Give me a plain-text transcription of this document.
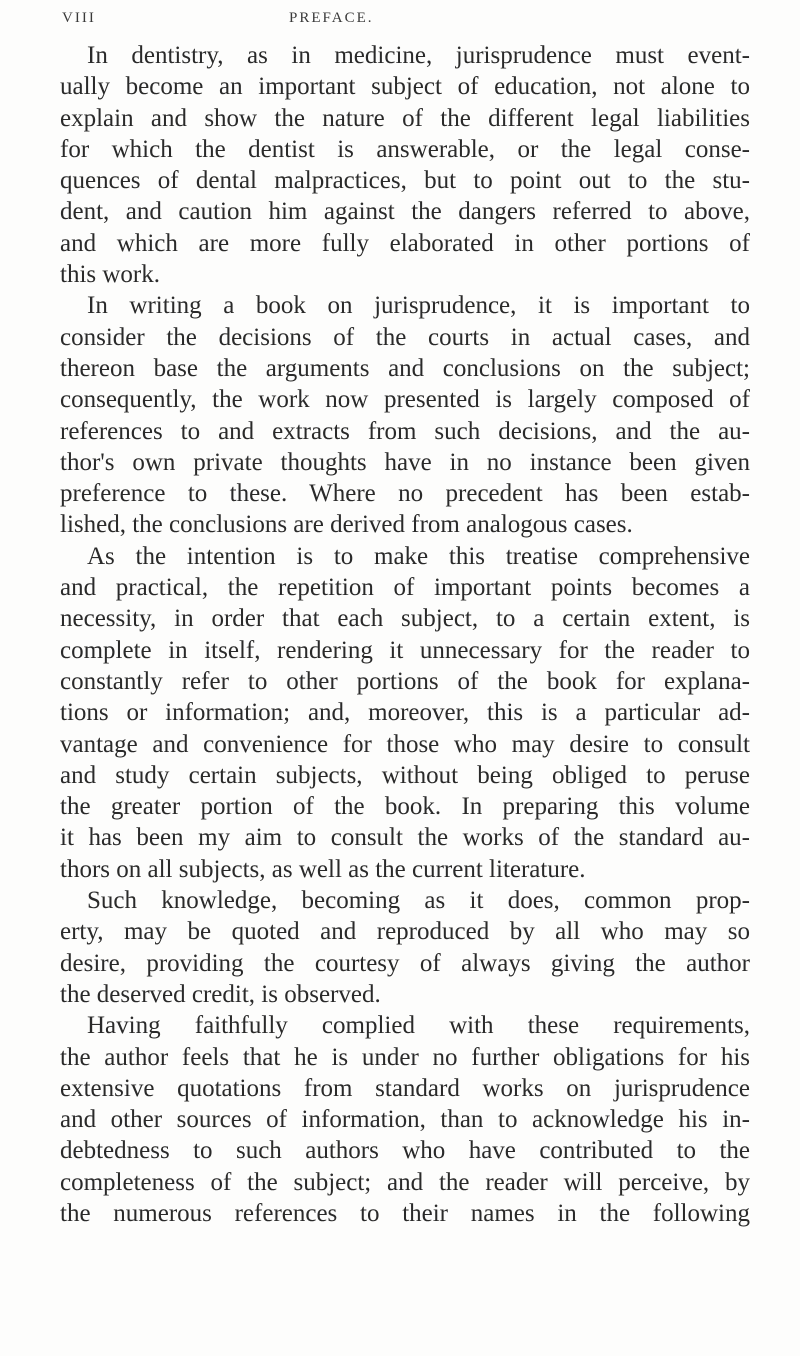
VIII	PREFACE.
In dentistry, as in medicine, jurisprudence must event-
ually become an important subject of education, not alone to
explain and show the nature of the different legal liabilities
for which the dentist is answerable, or the legal conse-
quences of dental malpractices, but to point out to the stu-
dent, and caution him against the dangers referred to above,
and which are more fully elaborated in other portions of
this work.
In writing a book on jurisprudence, it is important to
consider the decisions of the courts in actual cases, and
thereon base the arguments and conclusions on the subject;
consequently, the work now presented is largely composed of
references to and extracts from such decisions, and the au-
thor's own private thoughts have in no instance been given
preference to these. Where no precedent has been estab-
lished, the conclusions are derived from analogous cases.
As the intention is to make this treatise comprehensive
and practical, the repetition of important points becomes a
necessity, in order that each subject, to a certain extent, is
complete in itself, rendering it unnecessary for the reader to
constantly refer to other portions of the book for explana-
tions or information; and, moreover, this is a particular ad-
vantage and convenience for those who may desire to consult
and study certain subjects, without being obliged to peruse
the greater portion of the book. In preparing this volume
it has been my aim to consult the works of the standard au-
thors on all subjects, as well as the current literature.
Such knowledge, becoming as it does, common prop-
erty, may be quoted and reproduced by all who may so
desire, providing the courtesy of always giving the author
the deserved credit, is observed.
Having faithfully complied with these requirements,
the author feels that he is under no further obligations for his
extensive quotations from standard works on jurisprudence
and other sources of information, than to acknowledge his in-
debtedness to such authors who have contributed to the
completeness of the subject; and the reader will perceive, by
the numerous references to their names in the following
